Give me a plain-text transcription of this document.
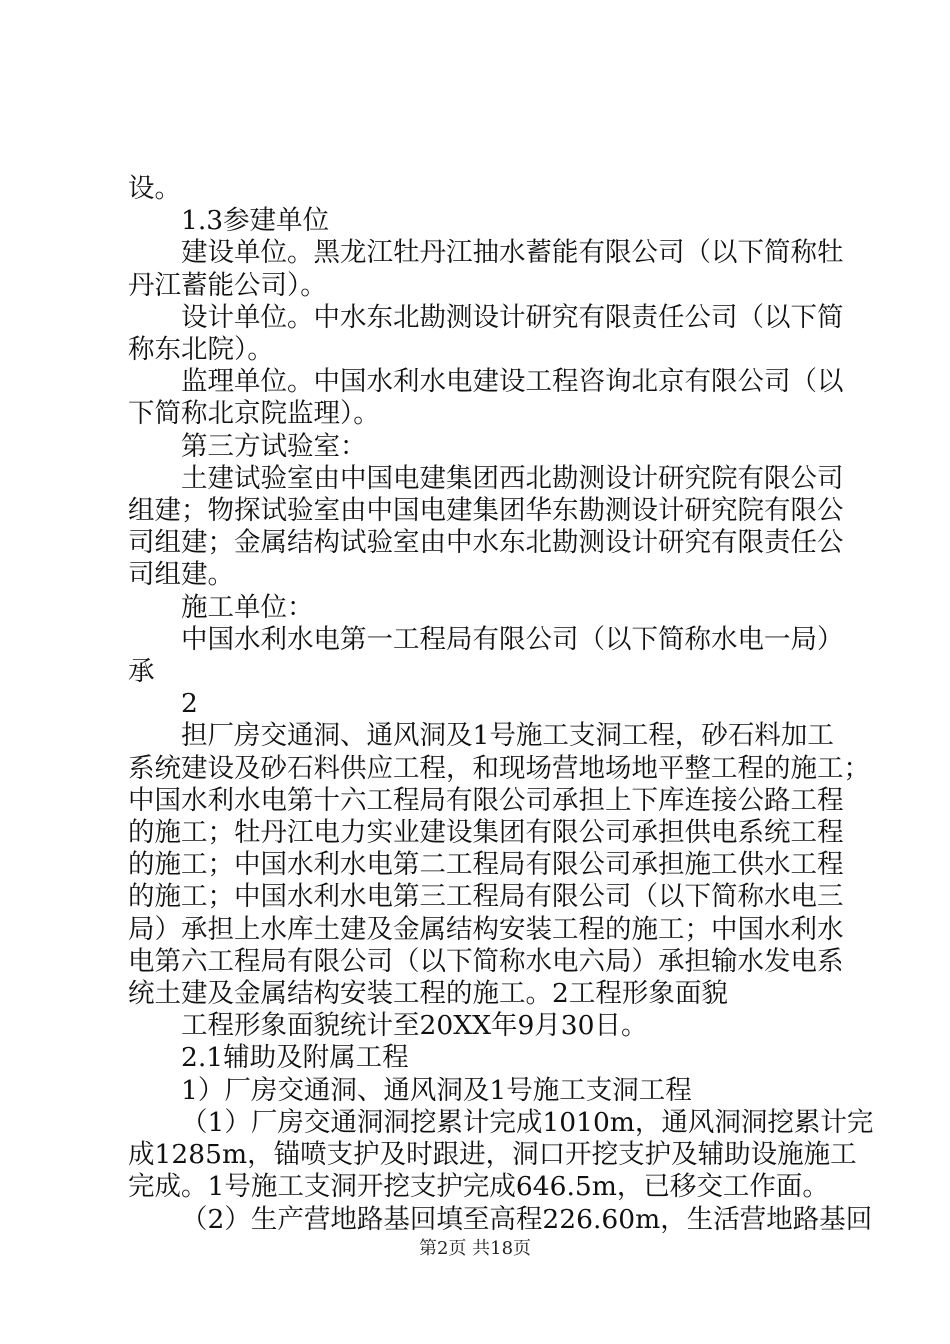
设。

1.3参建单位

建设单位。黑龙江牡丹江抽水蓄能有限公司（以下简称牡

丹江蓄能公司）。

设计单位。中水东北勘测设计研究有限责任公司（以下简

称东北院）。

监理单位。中国水利水电建设工程咨询北京有限公司（以

下简称北京院监理）。

第三方试验室：

土建试验室由中国电建集团西北勘测设计研究院有限公司

组建；物探试验室由中国电建集团华东勘测设计研究院有限公

司组建；金属结构试验室由中水东北勘测设计研究有限责任公

司组建。

施工单位：

中国水利水电第一工程局有限公司（以下简称水电一局）

承

2

担厂房交通洞、通风洞及1号施工支洞工程，砂石料加工

系统建设及砂石料供应工程，和现场营地场地平整工程的施工；

中国水利水电第十六工程局有限公司承担上下库连接公路工程

的施工；牡丹江电力实业建设集团有限公司承担供电系统工程

的施工；中国水利水电第二工程局有限公司承担施工供水工程

的施工；中国水利水电第三工程局有限公司（以下简称水电三

局）承担上水库土建及金属结构安装工程的施工；中国水利水

电第六工程局有限公司（以下简称水电六局）承担输水发电系

统土建及金属结构安装工程的施工。2工程形象面貌

工程形象面貌统计至20XX年9月30日。

2.1辅助及附属工程

1）厂房交通洞、通风洞及1号施工支洞工程

（1）厂房交通洞洞挖累计完成1010m，通风洞洞挖累计完

成1285m，锚喷支护及时跟进，洞口开挖支护及辅助设施施工

完成。1号施工支洞开挖支护完成646.5m，已移交工作面。

（2）生产营地路基回填至高程226.60m，生活营地路基回

第2页 共18页
